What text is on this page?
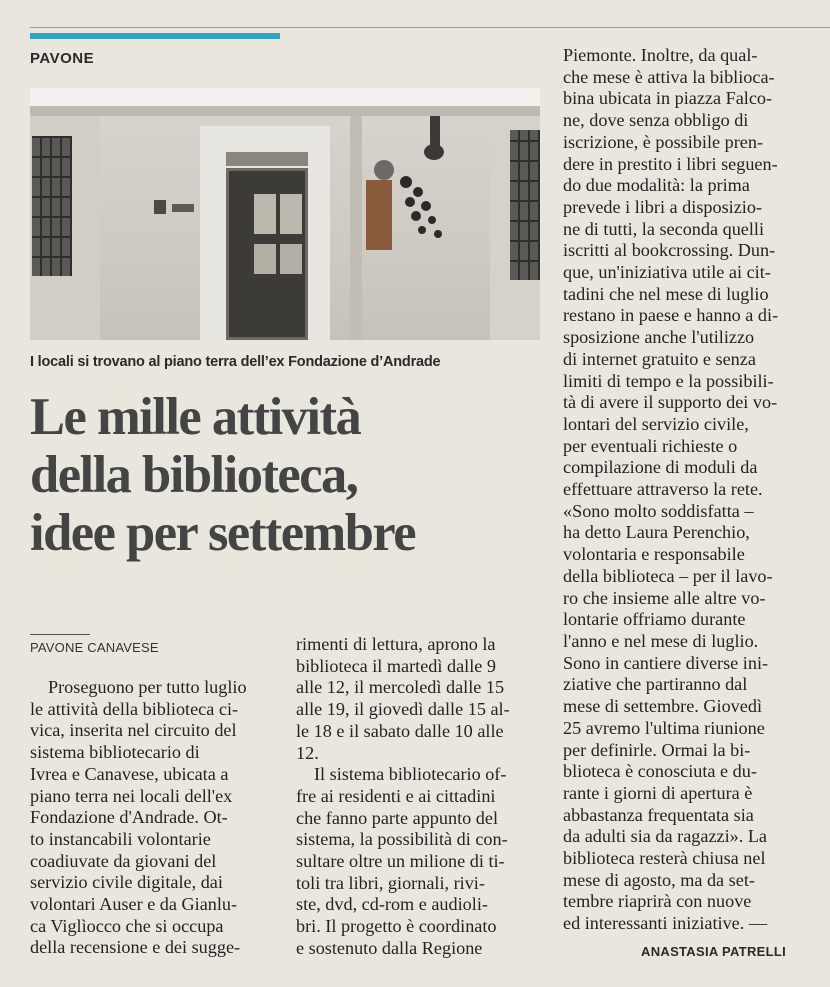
PAVONE
I locali si trovano al piano terra dell’ex Fondazione d’Andrade
Le mille attività
della biblioteca,
idee per settembre
PAVONE CANAVESE
Proseguono per tutto luglio
le attività della biblioteca ci-
vica, inserita nel circuito del
sistema bibliotecario di
Ivrea e Canavese, ubicata a
piano terra nei locali dell'ex
Fondazione d'Andrade. Ot-
to instancabili volontarie
coadiuvate da giovani del
servizio civile digitale, dai
volontari Auser e da Gianlu-
ca Viglìocco che si occupa
della recensione e dei sugge-
rimenti di lettura, aprono la
biblioteca il martedì dalle 9
alle 12, il mercoledì dalle 15
alle 19, il giovedì dalle 15 al-
le 18 e il sabato dalle 10 alle
12.
Il sistema bibliotecario of-
fre ai residenti e ai cittadini
che fanno parte appunto del
sistema, la possibilità di con-
sultare oltre un milione di ti-
toli tra libri, giornali, rivi-
ste, dvd, cd-rom e audioli-
bri. Il progetto è coordinato
e sostenuto dalla Regione
Piemonte. Inoltre, da qual-
che mese è attiva la biblioca-
bina ubicata in piazza Falco-
ne, dove senza obbligo di
iscrizione, è possibile pren-
dere in prestito i libri seguen-
do due modalità: la prima
prevede i libri a disposizio-
ne di tutti, la seconda quelli
iscritti al bookcrossing. Dun-
que, un'iniziativa utile ai cit-
tadini che nel mese di luglio
restano in paese e hanno a di-
sposizione anche l'utilizzo
di internet gratuito e senza
limiti di tempo e la possibili-
tà di avere il supporto dei vo-
lontari del servizio civile,
per eventuali richieste o
compilazione di moduli da
effettuare attraverso la rete.
«Sono molto soddisfatta –
ha detto Laura Perenchio,
volontaria e responsabile
della biblioteca – per il lavo-
ro che insieme alle altre vo-
lontarie offriamo durante
l'anno e nel mese di luglio.
Sono in cantiere diverse ini-
ziative che partiranno dal
mese di settembre. Giovedì
25 avremo l'ultima riunione
per definirle. Ormai la bi-
blioteca è conosciuta e du-
rante i giorni di apertura è
abbastanza frequentata sia
da adulti sia da ragazzi». La
biblioteca resterà chiusa nel
mese di agosto, ma da set-
tembre riaprirà con nuove
ed interessanti iniziative. —
ANASTASIA PATRELLI
